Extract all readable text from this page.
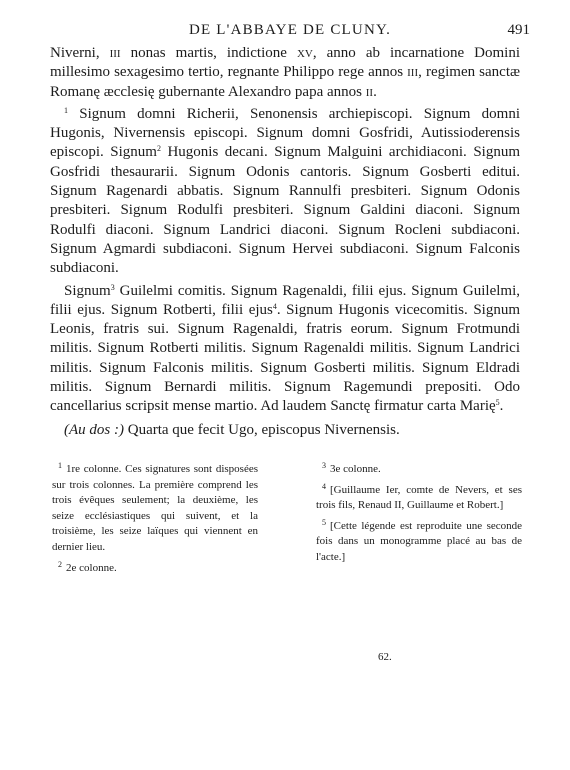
DE L'ABBAYE DE CLUNY.	491

Niverni, iii nonas martis, indictione xv, anno ab incarnatione Domini millesimo sexagesimo tertio, regnante Philippo rege annos iii, regimen sanctæ Romanę æcclesię gubernante Alexandro papa annos ii.

$^1$ Signum domni Richerii, Senonensis archiepiscopi. Signum domni Hugonis, Nivernensis episcopi. Signum domni Gosfridi, Autissioderensis episcopi. Signum$^2$ Hugonis decani. Signum Malguini archidiaconi. Signum Gosfridi thesaurarii. Signum Odonis cantoris. Signum Gosberti editui. Signum Ragenardi abbatis. Signum Rannulfi presbiteri. Signum Odonis presbiteri. Signum Rodulfi presbiteri. Signum Galdini diaconi. Signum Rodulfi diaconi. Signum Landrici diaconi. Signum Rocleni subdiaconi. Signum Agmardi subdiaconi. Signum Hervei subdiaconi. Signum Falconis subdiaconi.

Signum$^3$ Guilelmi comitis. Signum Ragenaldi, filii ejus. Signum Guilelmi, filii ejus. Signum Rotberti, filii ejus$^4$. Signum Hugonis vicecomitis. Signum Leonis, fratris sui. Signum Ragenaldi, fratris eorum. Signum Frotmundi militis. Signum Rotberti militis. Signum Ragenaldi militis. Signum Landrici militis. Signum Falconis militis. Signum Gosberti militis. Signum Eldradi militis. Signum Bernardi militis. Signum Ragemundi prepositi. Odo cancellarius scripsit mense martio. Ad laudem Sanctę firmatur carta Marię$^5$.

(Au dos :) Quarta que fecit Ugo, episcopus Nivernensis.

$^1$ 1re colonne. Ces signatures sont disposées sur trois colonnes. La première comprend les trois évêques seulement; la deuxième, les seize ecclésiastiques qui suivent, et la troisième, les seize laïques qui viennent en dernier lieu.

$^2$ 2e colonne.

$^3$ 3e colonne.

$^4$ [Guillaume Ier, comte de Nevers, et ses trois fils, Renaud II, Guillaume et Robert.]

$^5$ [Cette légende est reproduite une seconde fois dans un monogramme placé au bas de l'acte.]

62.
